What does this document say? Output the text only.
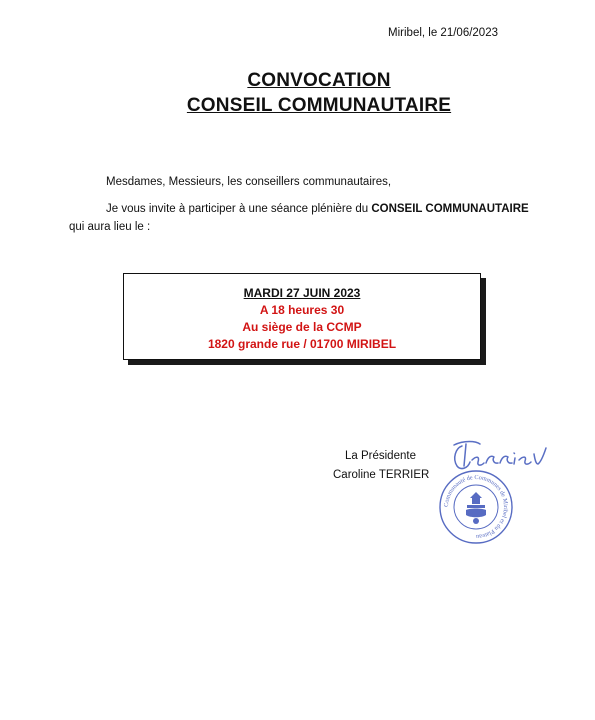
Miribel, le 21/06/2023
CONVOCATION
CONSEIL COMMUNAUTAIRE
Mesdames, Messieurs, les conseillers communautaires,
Je vous invite à participer à une séance plénière du CONSEIL COMMUNAUTAIRE
qui aura lieu le :
MARDI 27 JUIN 2023
A 18 heures 30
Au siège de la CCMP
1820 grande rue / 01700 MIRIBEL
La Présidente
Caroline TERRIER
Communauté de Communes de Miribel et du Plateau
